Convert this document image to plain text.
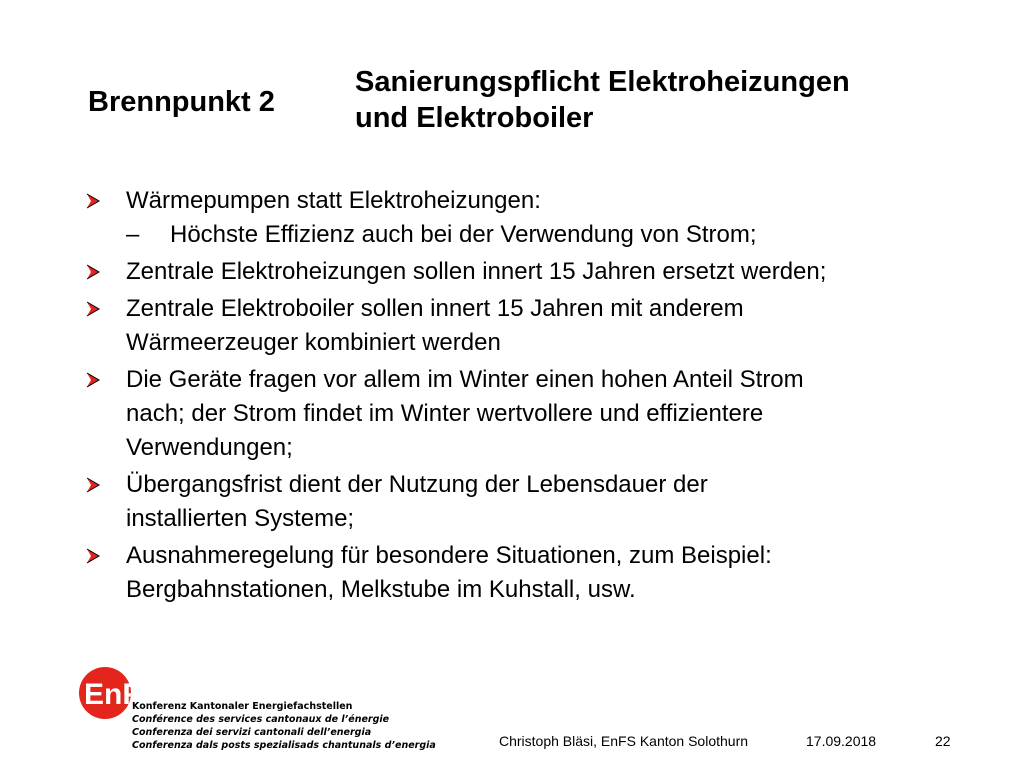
Brennpunkt 2
Sanierungspflicht Elektroheizungen
und Elektroboiler
Wärmepumpen statt Elektroheizungen:
– Höchste Effizienz auch bei der Verwendung von Strom;
Zentrale Elektroheizungen sollen innert 15 Jahren ersetzt werden;
Zentrale Elektroboiler sollen innert 15 Jahren mit anderem
Wärmeerzeuger kombiniert werden
Die Geräte fragen vor allem im Winter einen hohen Anteil Strom
nach; der Strom findet im Winter wertvollere und effizientere
Verwendungen;
Übergangsfrist dient der Nutzung der Lebensdauer der
installierten Systeme;
Ausnahmeregelung für besondere Situationen, zum Beispiel:
Bergbahnstationen, Melkstube im Kuhstall, usw.
EnFK
Konferenz Kantonaler Energiefachstellen
Conférence des services cantonaux de l’énergie
Conferenza dei servizi cantonali dell’energia
Conferenza dals posts spezialisads chantunals d’energia	Christoph Bläsi, EnFS Kanton Solothurn	17.09.2018	22
